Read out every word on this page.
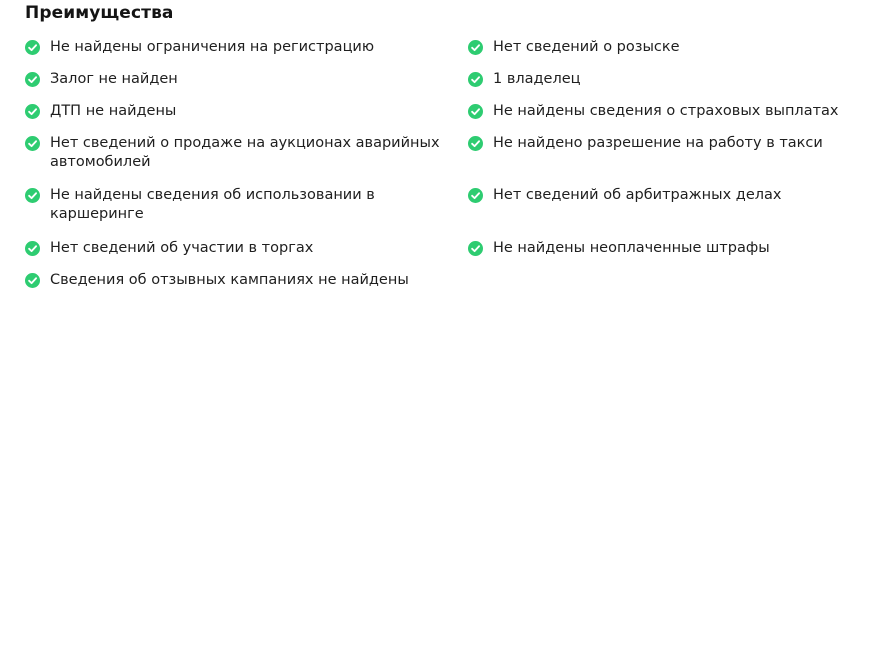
Преимущества
Не найдены ограничения на регистрацию
Залог не найден
ДТП не найдены
Нет сведений о продаже на аукционах аварийных автомобилей
Не найдены сведения об использовании в каршеринге
Нет сведений об участии в торгах
Сведения об отзывных кампаниях не найдены
Нет сведений о розыске
1 владелец
Не найдены сведения о страховых выплатах
Не найдено разрешение на работу в такси
Нет сведений об арбитражных делах
Не найдены неоплаченные штрафы
